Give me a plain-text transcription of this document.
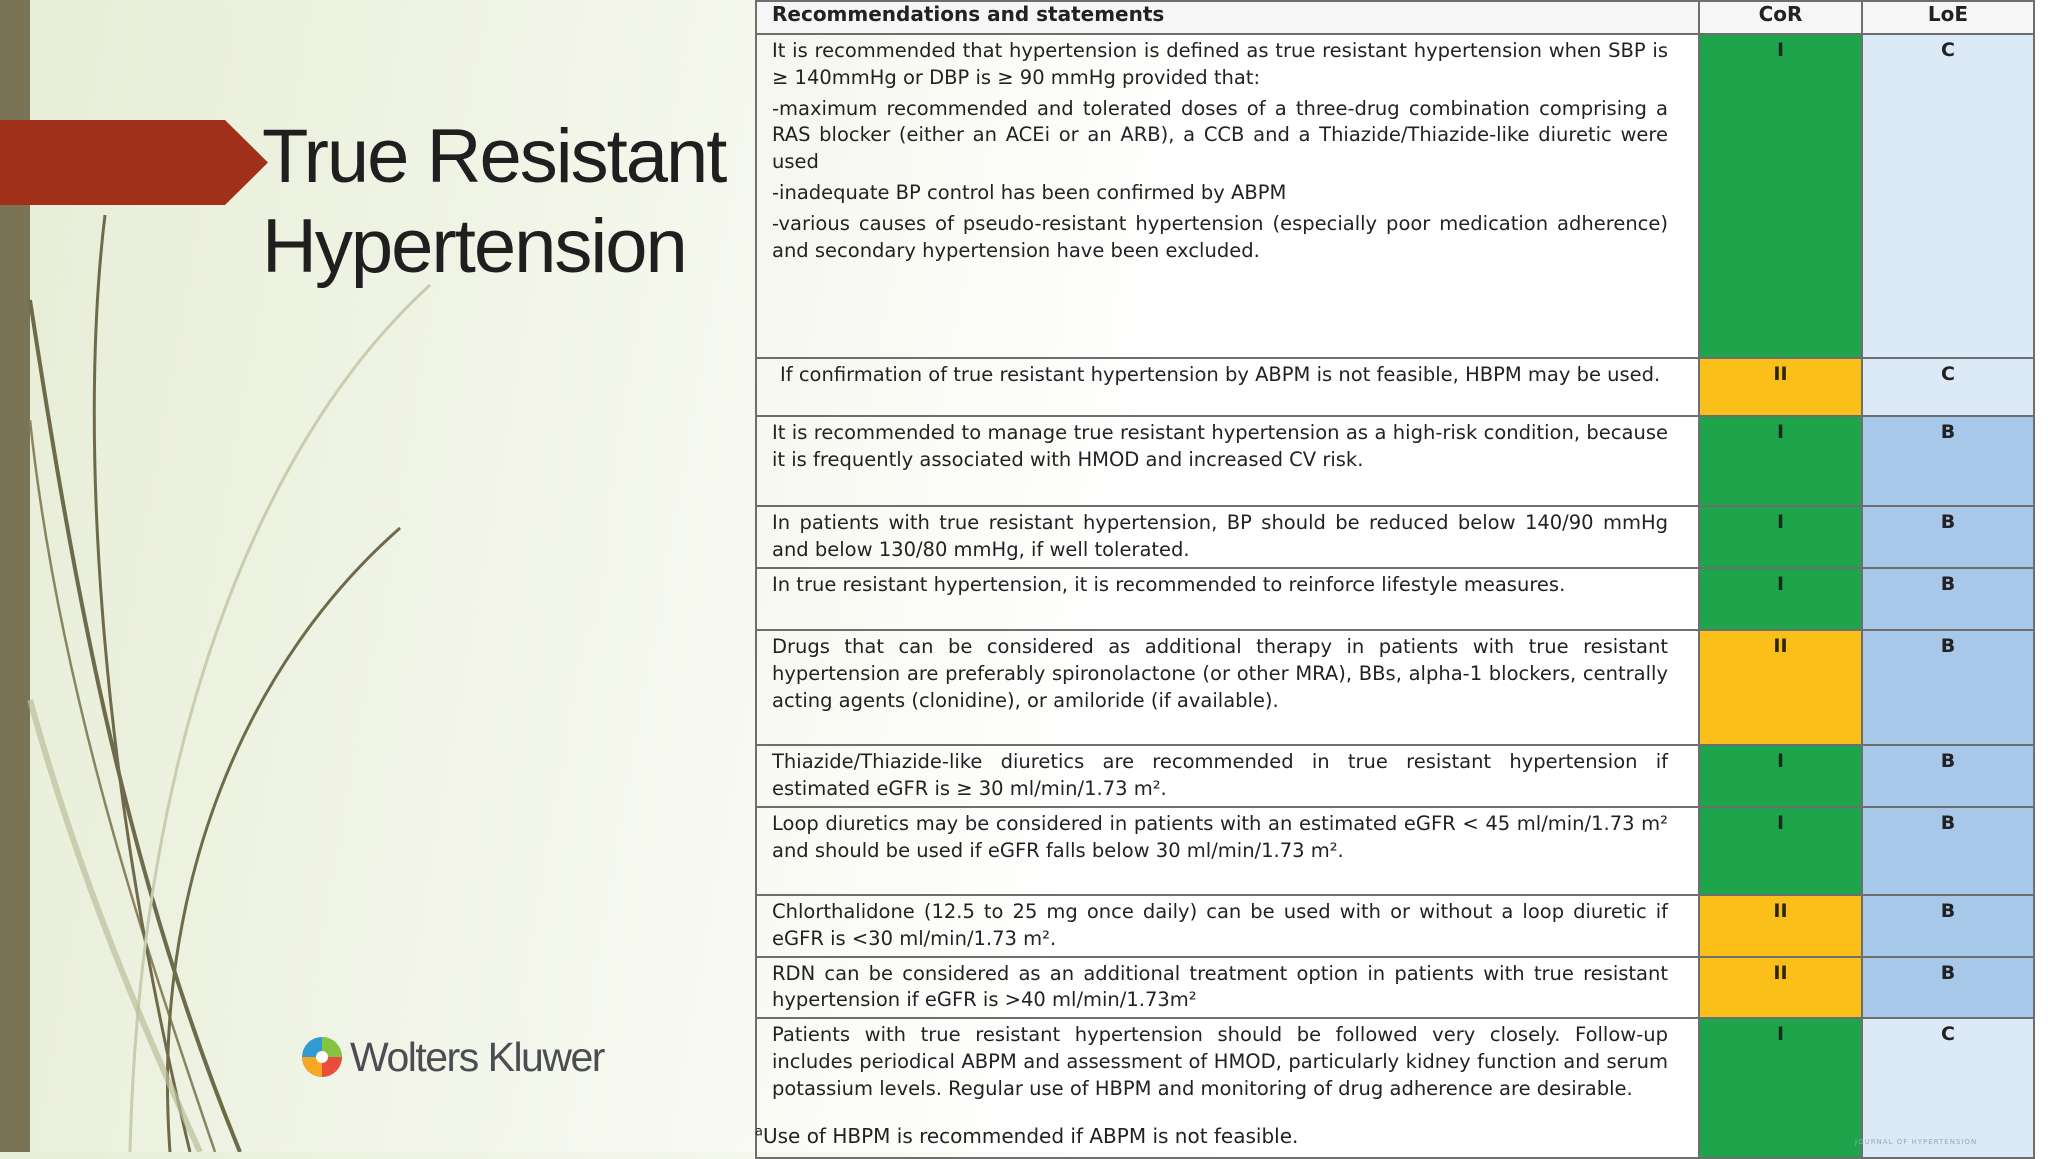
True Resistant
Hypertension
Wolters Kluwer
Recommendations and statements	CoR	LoE

It is recommended that hypertension is defined as true resistant hypertension when SBP is ≥ 140mmHg or DBP is ≥ 90 mmHg provided that:

-maximum recommended and tolerated doses of a three-drug combination comprising a RAS blocker (either an ACEi or an ARB), a CCB and a Thiazide/Thiazide-like diuretic were used

-inadequate BP control has been confirmed by ABPM

-various causes of pseudo-resistant hypertension (especially poor medication adherence) and secondary hypertension have been excluded.	I	C
If confirmation of true resistant hypertension by ABPM is not feasible, HBPM may be used.	II	C
It is recommended to manage true resistant hypertension as a high-risk condition, because it is frequently associated with HMOD and increased CV risk.	I	B
In patients with true resistant hypertension, BP should be reduced below 140/90 mmHg and below 130/80 mmHg, if well tolerated.	I	B
In true resistant hypertension, it is recommended to reinforce lifestyle measures.	I	B
Drugs that can be considered as additional therapy in patients with true resistant hypertension are preferably spironolactone (or other MRA), BBs, alpha-1 blockers, centrally acting agents (clonidine), or amiloride (if available).	II	B
Thiazide/Thiazide-like diuretics are recommended in true resistant hypertension if estimated eGFR is ≥ 30 ml/min/1.73 m².	I	B
Loop diuretics may be considered in patients with an estimated eGFR < 45 ml/min/1.73 m² and should be used if eGFR falls below 30 ml/min/1.73 m².	I	B
Chlorthalidone (12.5 to 25 mg once daily) can be used with or without a loop diuretic if eGFR is <30 ml/min/1.73 m².	II	B
RDN can be considered as an additional treatment option in patients with true resistant hypertension if eGFR is >40 ml/min/1.73m²	II	B
Patients with true resistant hypertension should be followed very closely. Follow-up includes periodical ABPM and assessment of HMOD, particularly kidney function and serum potassium levels. Regular use of HBPM and monitoring of drug adherence are desirable.	I	C
$^a$Use of HBPM is recommended if ABPM is not feasible.	JOURNAL OF HYPERTENSION
